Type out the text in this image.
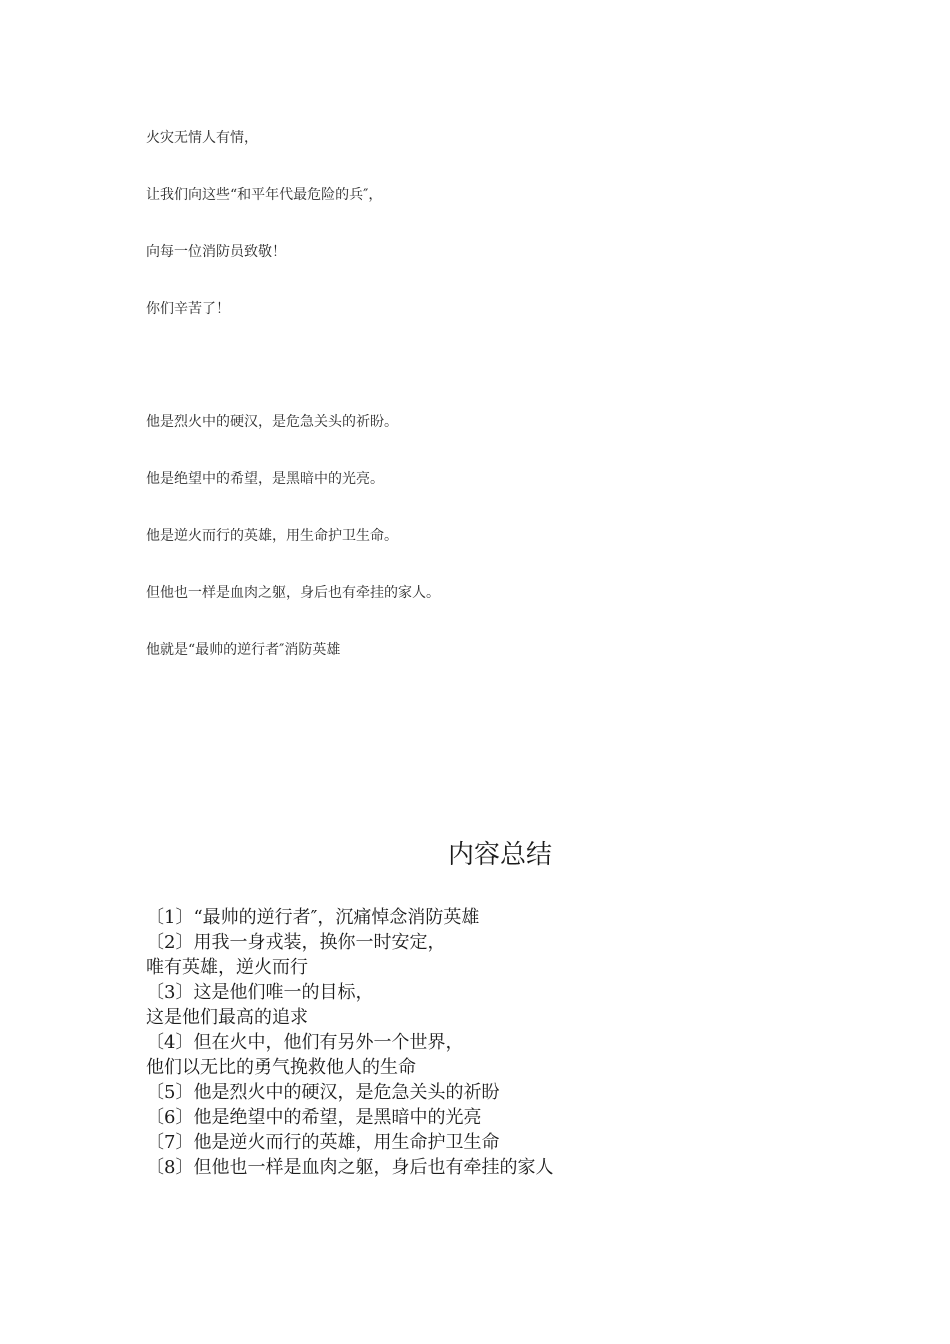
火灾无情人有情，
让我们向这些“和平年代最危险的兵″，
向每一位消防员致敬！
你们辛苦了！
他是烈火中的硬汉，是危急关头的祈盼。
他是绝望中的希望，是黑暗中的光亮。
他是逆火而行的英雄，用生命护卫生命。
但他也一样是血肉之躯，身后也有牵挂的家人。
他就是“最帅的逆行者″消防英雄
内容总结
〔1〕“最帅的逆行者″，沉痛悼念消防英雄
〔2〕用我一身戎装，换你一时安定，
唯有英雄，逆火而行
〔3〕这是他们唯一的目标，
这是他们最高的追求
〔4〕但在火中，他们有另外一个世界，
他们以无比的勇气挽救他人的生命
〔5〕他是烈火中的硬汉，是危急关头的祈盼
〔6〕他是绝望中的希望，是黑暗中的光亮
〔7〕他是逆火而行的英雄，用生命护卫生命
〔8〕但他也一样是血肉之躯，身后也有牵挂的家人
